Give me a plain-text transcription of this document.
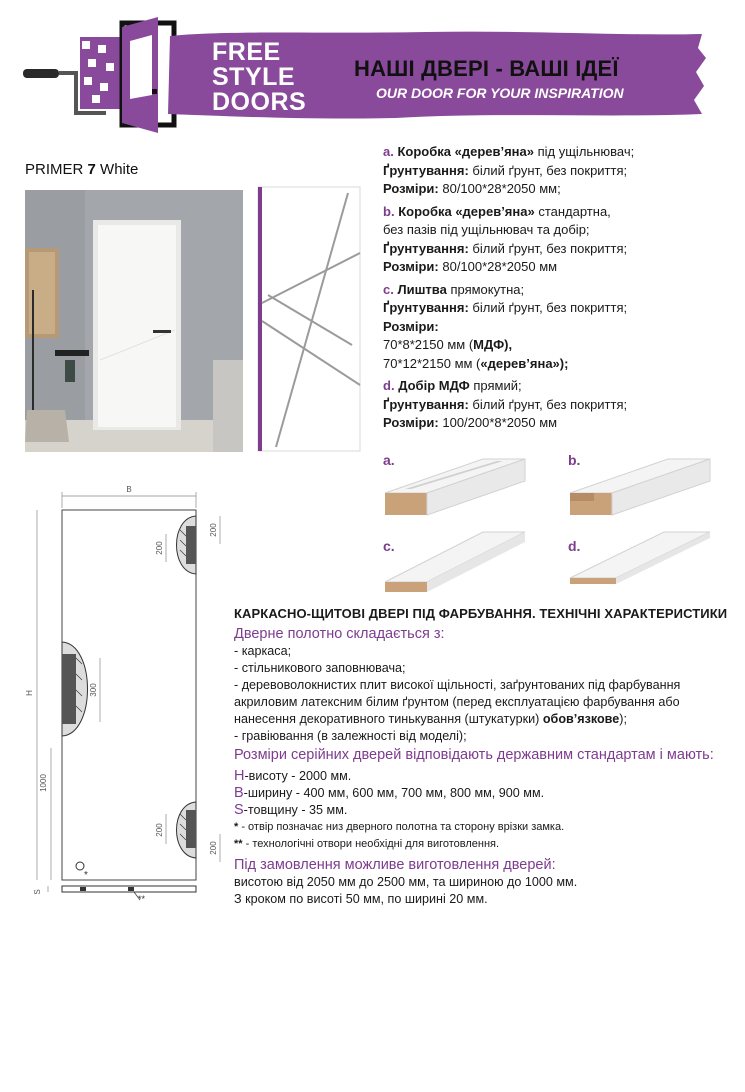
FREE
STYLE
DOORS
НАШІ ДВЕРІ - ВАШІ ІДЕЇ
OUR DOOR FOR YOUR INSPIRATION
PRIMER 7 White

a. Коробка «дерев’яна» під ущільнювач;
Ґрунтування: білий ґрунт, без покриття;
Розміри: 80/100*28*2050 мм;

b. Коробка «дерев’яна» стандартна,
без пазів під ущільнювач та добір;
Ґрунтування: білий ґрунт, без покриття;
Розміри: 80/100*28*2050 мм

c. Лиштва прямокутна;
Ґрунтування: білий ґрунт, без покриття;
Розміри:
70*8*2150 мм (МДФ),
70*12*2150 мм («дерев’яна»);

d. Добір МДФ прямий;
Ґрунтування: білий ґрунт, без покриття;
Розміри: 100/200*8*2050 мм

a.	b.
c.	d.
B
H
1000
200
200
300
200
200
*
**
S

КАРКАСНО-ЩИТОВІ ДВЕРІ ПІД ФАРБУВАННЯ. ТЕХНІЧНІ ХАРАКТЕРИСТИКИ

Дверне полотно складається з:

- каркаса;

- стільникового заповнювача;

- деревоволокнистих плит високої щільності, заґрунтованих під фарбування
акриловим латексним білим ґрунтом (перед експлуатацією фарбування або
нанесення декоративного тинькування (штукатурки) обов’язкове);

- гравіювання (в залежності від моделі);

Розміри серійних дверей відповідають державним стандартам і мають:

H-висоту - 2000 мм.

B-ширину - 400 мм, 600 мм, 700 мм, 800 мм, 900 мм.

S-товщину - 35 мм.

* - отвір позначає низ дверного полотна та сторону врізки замка.

** - технологічні отвори необхідні для виготовлення.

Під замовлення можливе виготовлення дверей:

висотою від 2050 мм до 2500 мм, та шириною до 1000 мм.

З кроком по висоті 50 мм, по ширині 20 мм.
